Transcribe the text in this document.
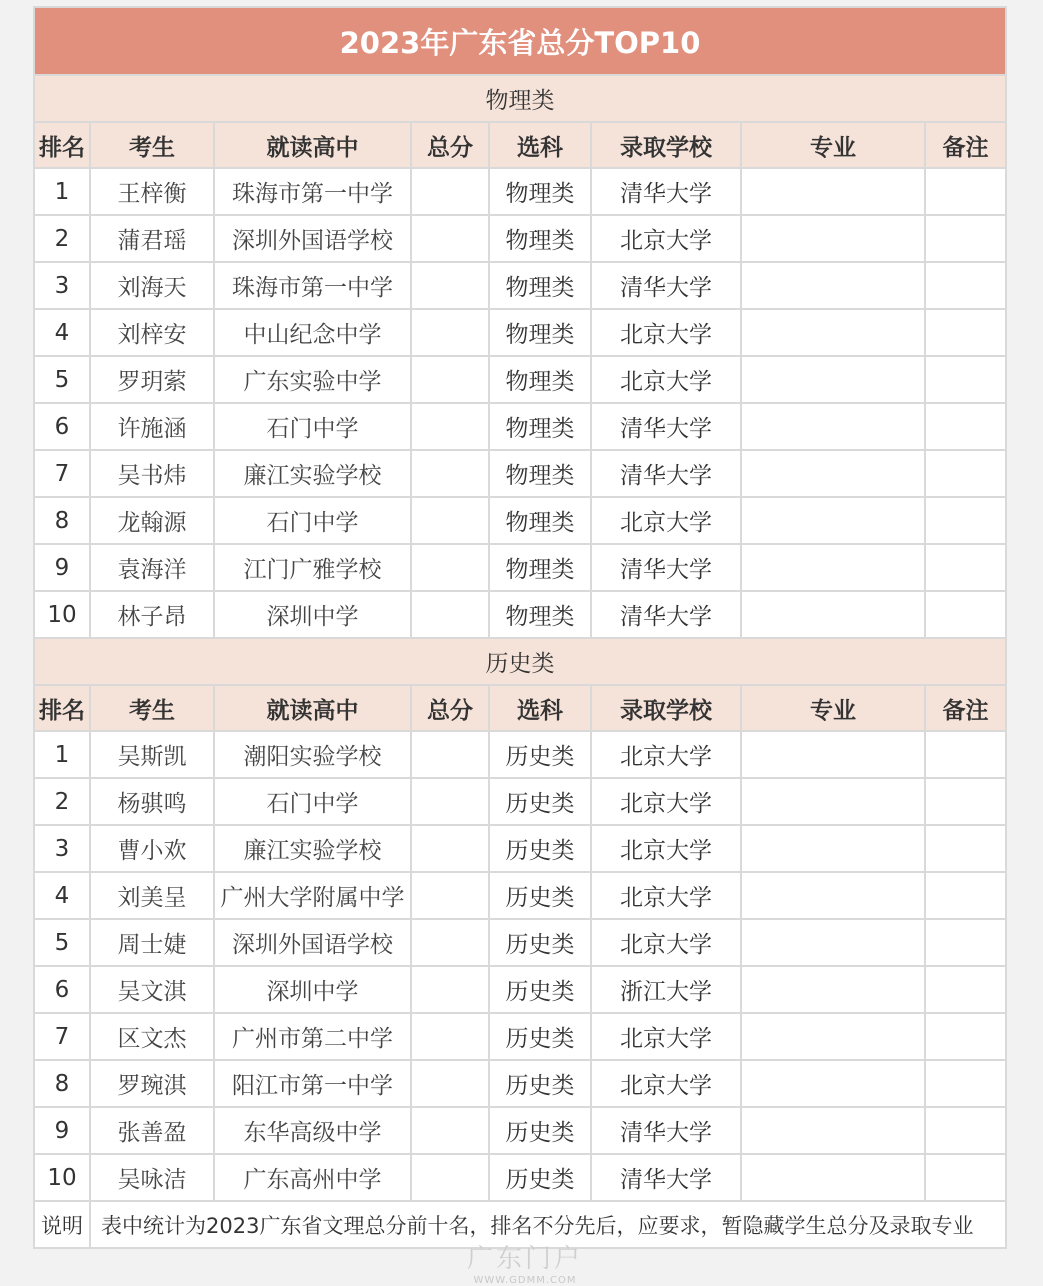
2023年广东省总分TOP10							
物理类							
排名	考生	就读高中	总分	选科	录取学校	专业	备注
1	王梓衡	珠海市第一中学		物理类	清华大学		
2	蒲君瑶	深圳外国语学校		物理类	北京大学		
3	刘海天	珠海市第一中学		物理类	清华大学		
4	刘梓安	中山纪念中学		物理类	北京大学		
5	罗玥萦	广东实验中学		物理类	北京大学		
6	许施涵	石门中学		物理类	清华大学		
7	吴书炜	廉江实验学校		物理类	清华大学		
8	龙翰源	石门中学		物理类	北京大学		
9	袁海洋	江门广雅学校		物理类	清华大学		
10	林子昂	深圳中学		物理类	清华大学		
历史类							
排名	考生	就读高中	总分	选科	录取学校	专业	备注
1	吴斯凯	潮阳实验学校		历史类	北京大学		
2	杨骐鸣	石门中学		历史类	北京大学		
3	曹小欢	廉江实验学校		历史类	北京大学		
4	刘美呈	广州大学附属中学		历史类	北京大学		
5	周士婕	深圳外国语学校		历史类	北京大学		
6	吴文淇	深圳中学		历史类	浙江大学		
7	区文杰	广州市第二中学		历史类	北京大学		
8	罗琬淇	阳江市第一中学		历史类	北京大学		
9	张善盈	东华高级中学		历史类	清华大学		
10	吴咏洁	广东高州中学		历史类	清华大学		
说明	表中统计为2023广东省文理总分前十名，排名不分先后，应要求，暂隐藏学生总分及录取专业						
广东门户
WWW.GDMM.COM
